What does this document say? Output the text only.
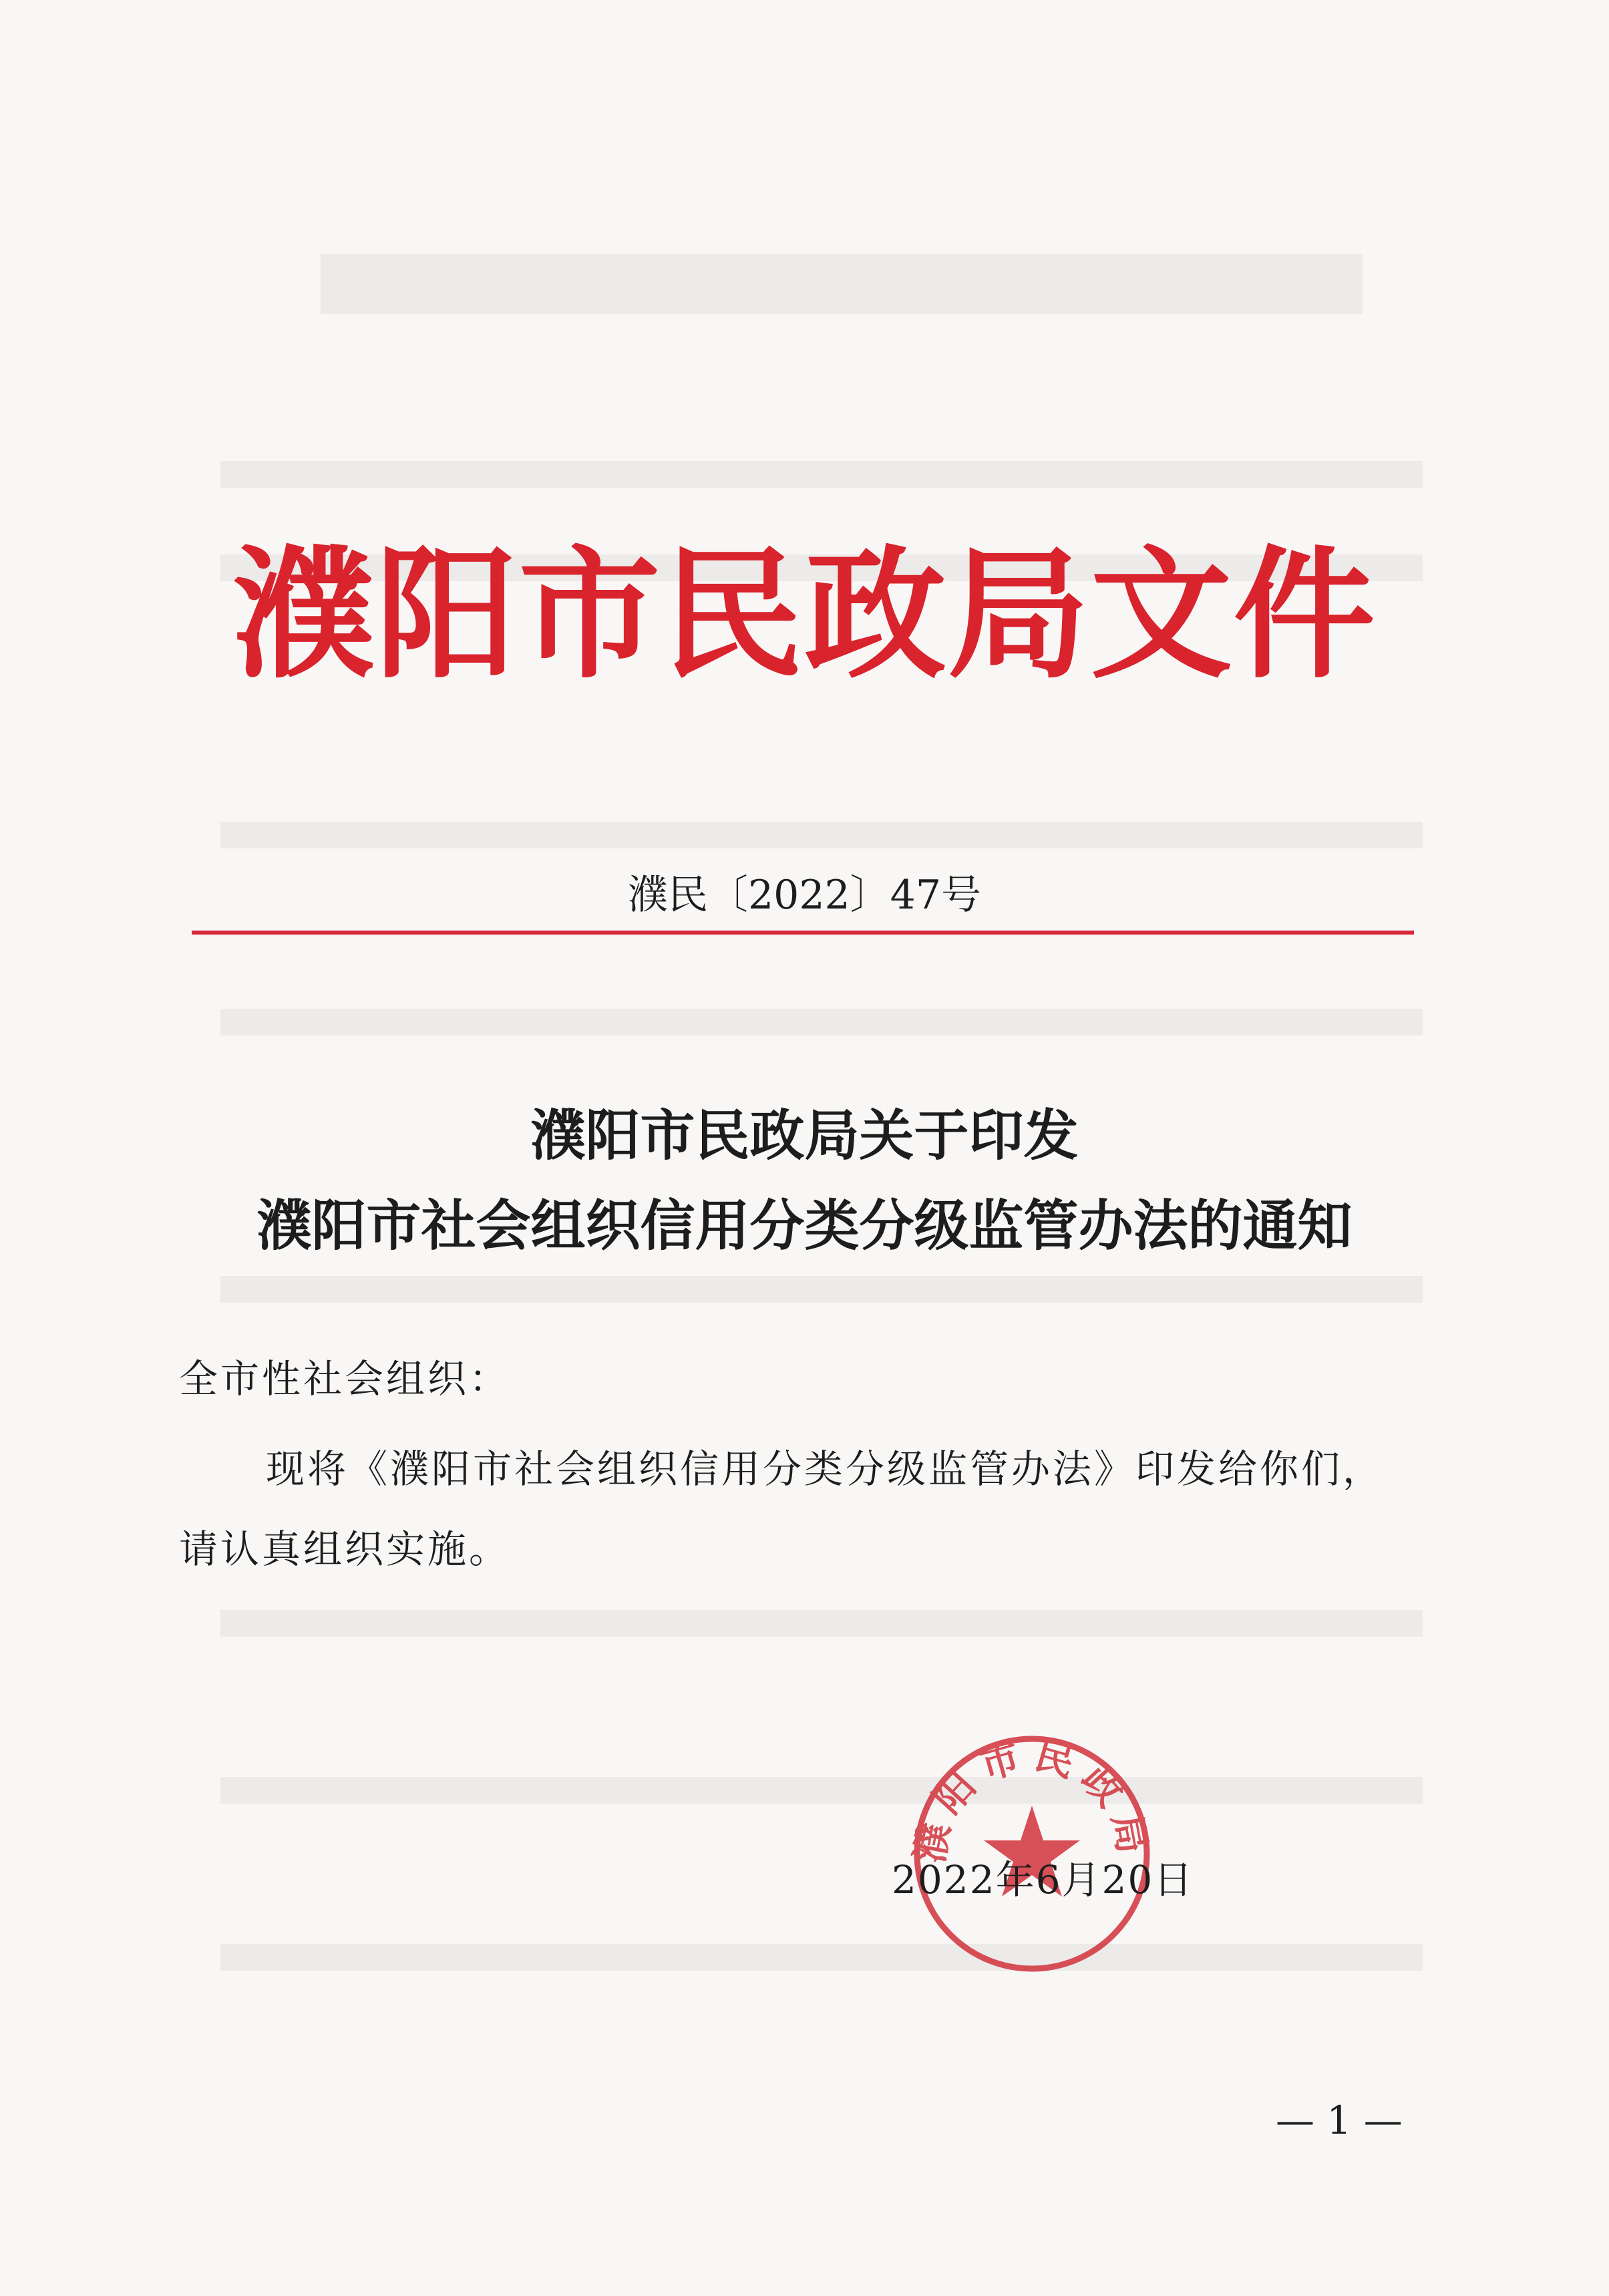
濮阳市民政局文件
濮民〔2022〕47号
濮阳市民政局关于印发
濮阳市社会组织信用分类分级监管办法的通知
全市性社会组织：
现将《濮阳市社会组织信用分类分级监管办法》印发给你们，
请认真组织实施。
濮阳市民政局
2022年6月20日
— 1 —
